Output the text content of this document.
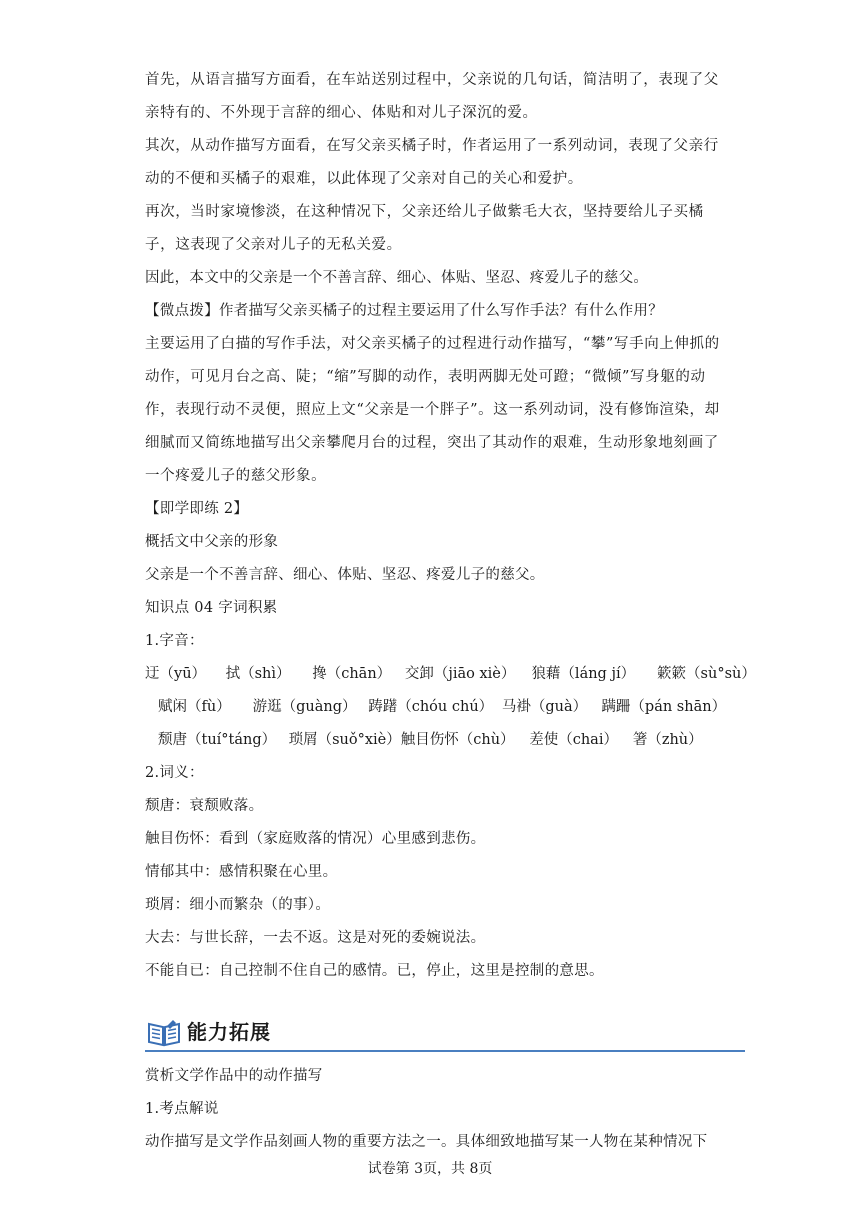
首先，从语言描写方面看，在车站送别过程中，父亲说的几句话，简洁明了，表现了父亲特有的、不外现于言辞的细心、体贴和对儿子深沉的爱。

其次，从动作描写方面看，在写父亲买橘子时，作者运用了一系列动词，表现了父亲行动的不便和买橘子的艰难，以此体现了父亲对自己的关心和爱护。

再次，当时家境惨淡，在这种情况下，父亲还给儿子做紫毛大衣，坚持要给儿子买橘子，这表现了父亲对儿子的无私关爱。

因此，本文中的父亲是一个不善言辞、细心、体贴、坚忍、疼爱儿子的慈父。

【微点拨】作者描写父亲买橘子的过程主要运用了什么写作手法？有什么作用？

主要运用了白描的写作手法，对父亲买橘子的过程进行动作描写，“攀”写手向上伸抓的动作，可见月台之高、陡；“缩”写脚的动作，表明两脚无处可蹬；“微倾”写身躯的动作，表现行动不灵便，照应上文“父亲是一个胖子”。这一系列动词，没有修饰渲染，却细腻而又简练地描写出父亲攀爬月台的过程，突出了其动作的艰难，生动形象地刻画了一个疼爱儿子的慈父形象。

【即学即练 2】

概括文中父亲的形象

父亲是一个不善言辞、细心、体贴、坚忍、疼爱儿子的慈父。

知识点 04 字词积累

1.字音：

迂（yū） 拭（shì） 搀（chān） 交卸（jiāo xiè） 狼藉（láng jí） 簌簌（sù°sù）
赋闲（fù） 游逛（guàng） 踌躇（chóu chú） 马褂（guà） 蹒跚（pán shān）
颓唐（tuí°táng） 琐屑（suǒ°xiè）触目伤怀（chù） 差使（chai） 箸（zhù）

2.词义：

颓唐：衰颓败落。

触目伤怀：看到（家庭败落的情况）心里感到悲伤。

情郁其中：感情积聚在心里。

琐屑：细小而繁杂（的事）。

大去：与世长辞，一去不返。这是对死的委婉说法。

不能自已：自己控制不住自己的感情。已，停止，这里是控制的意思。

能力拓展

赏析文学作品中的动作描写

1.考点解说

动作描写是文学作品刻画人物的重要方法之一。具体细致地描写某一人物在某种情况下

试卷第 3页，共 8页
